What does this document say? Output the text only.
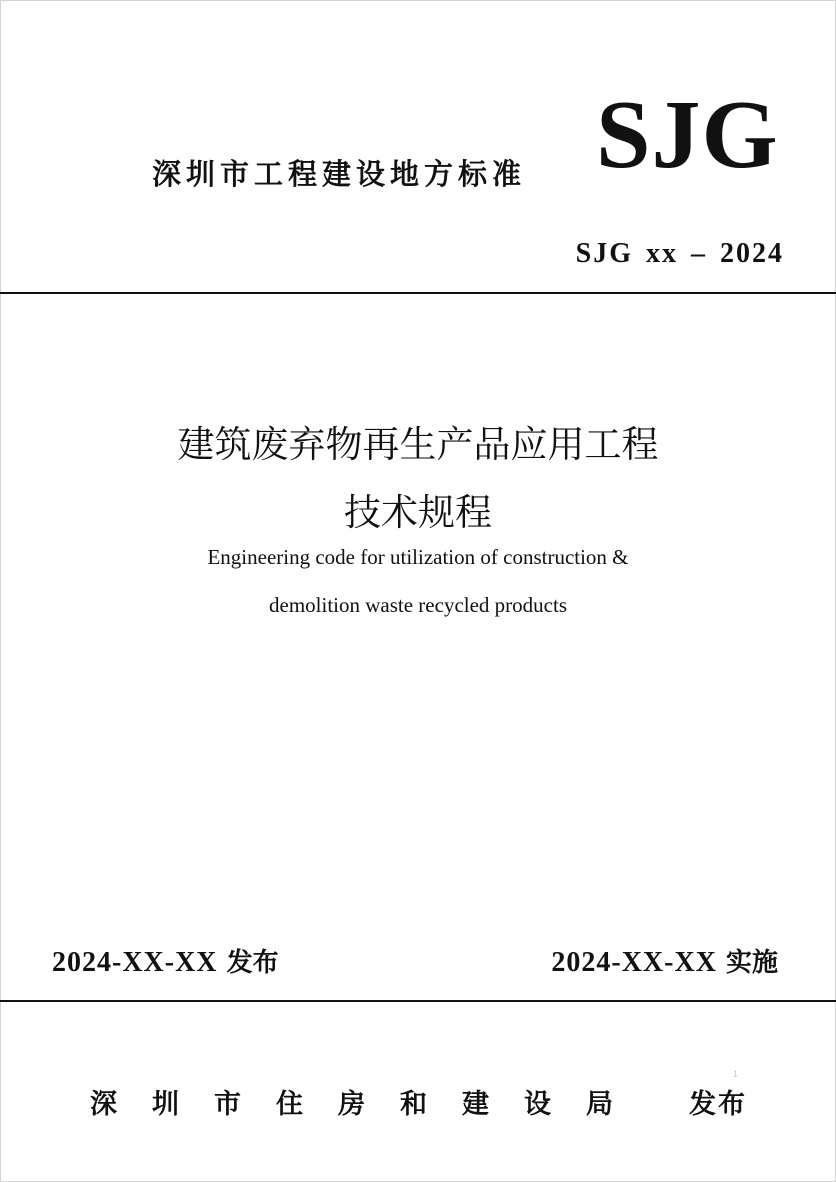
深圳市工程建设地方标准 SJG
SJG xx – 2024
建筑废弃物再生产品应用工程
技术规程
Engineering code for utilization of construction &
demolition waste recycled products
2024-XX-XX 发布	2024-XX-XX 实施
深圳市住房和建设局 发布
1
